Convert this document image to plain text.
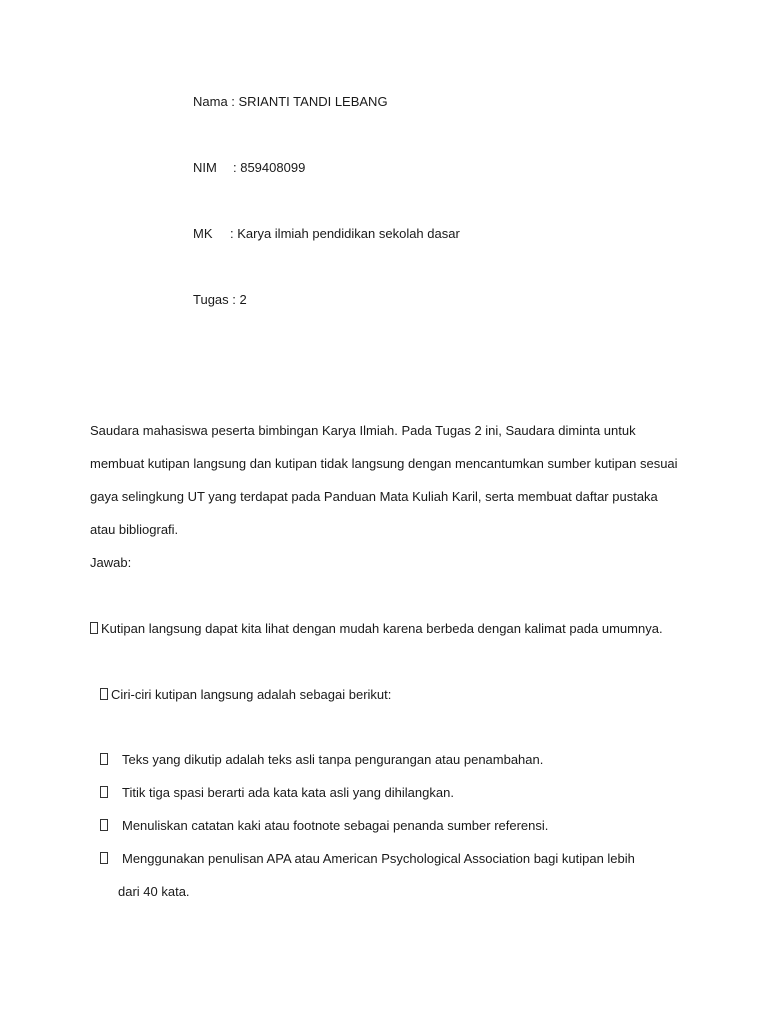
Nama : SRIANTI TANDI LEBANG
NIM : 859408099
MK : Karya ilmiah pendidikan sekolah dasar
Tugas : 2
Saudara mahasiswa peserta bimbingan Karya Ilmiah. Pada Tugas 2 ini, Saudara diminta untuk
membuat kutipan langsung dan kutipan tidak langsung dengan mencantumkan sumber kutipan sesuai
gaya selingkung UT yang terdapat pada Panduan Mata Kuliah Karil, serta membuat daftar pustaka
atau bibliografi.
Jawab:
Kutipan langsung dapat kita lihat dengan mudah karena berbeda dengan kalimat pada umumnya.
Ciri-ciri kutipan langsung adalah sebagai berikut:
Teks yang dikutip adalah teks asli tanpa pengurangan atau penambahan.
Titik tiga spasi berarti ada kata kata asli yang dihilangkan.
Menuliskan catatan kaki atau footnote sebagai penanda sumber referensi.
Menggunakan penulisan APA atau American Psychological Association bagi kutipan lebih
dari 40 kata.
